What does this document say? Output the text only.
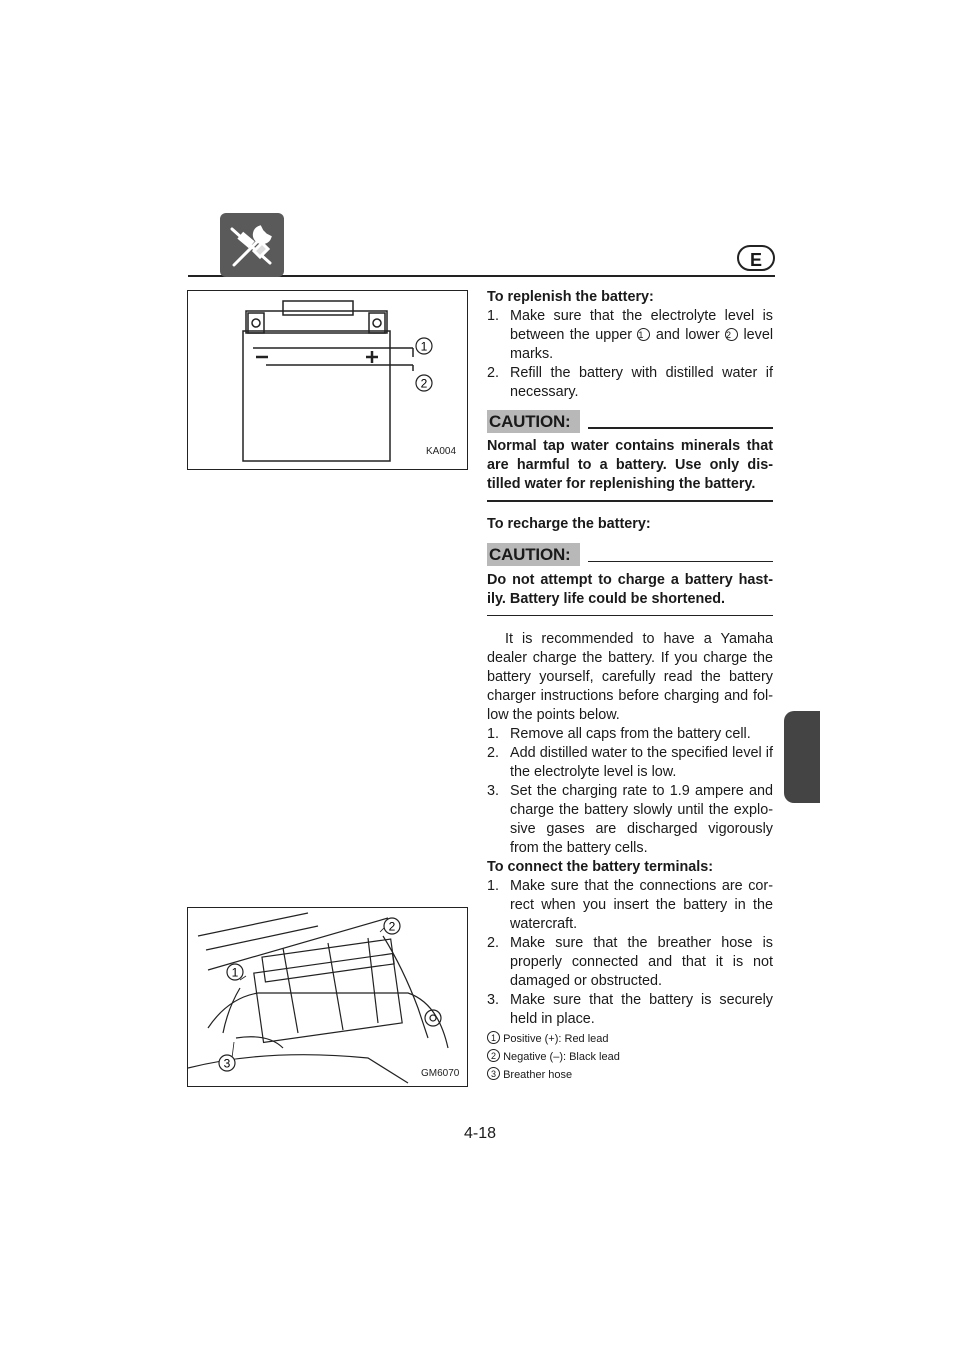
E
1
2
KA004
1
2
3
GM6070
To replenish the battery:
1. Make sure that the electrolyte level is between the upper 1 and lower 2 level marks.
2. Refill the battery with distilled water if necessary.
CAUTION:
Normal tap water contains minerals that are harmful to a battery. Use only dis-tilled water for replenishing the battery.
To recharge the battery:
CAUTION:
Do not attempt to charge a battery hast-ily. Battery life could be shortened.
It is recommended to have a Yamaha dealer charge the battery. If you charge the battery yourself, carefully read the battery charger instructions before charging and fol-low the points below.
1. Remove all caps from the battery cell.
2. Add distilled water to the specified level if the electrolyte level is low.
3. Set the charging rate to 1.9 ampere and charge the battery slowly until the explo-sive gases are discharged vigorously from the battery cells.
To connect the battery terminals:
1. Make sure that the connections are cor-rect when you insert the battery in the watercraft.
2. Make sure that the breather hose is properly connected and that it is not damaged or obstructed.
3. Make sure that the battery is securely held in place.
1 Positive (+): Red lead
2 Negative (–): Black lead
3 Breather hose
4-18
